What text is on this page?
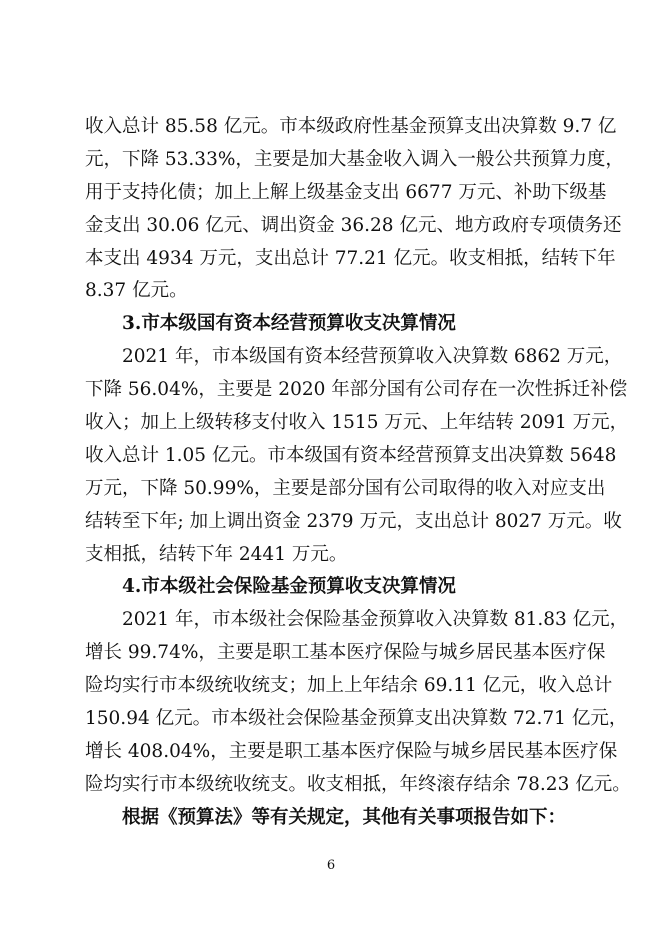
收入总计 85.58 亿元。市本级政府性基金预算支出决算数 9.7 亿
元，下降 53.33%，主要是加大基金收入调入一般公共预算力度，
用于支持化债；加上上解上级基金支出 6677 万元、补助下级基
金支出 30.06 亿元、调出资金 36.28 亿元、地方政府专项债务还
本支出 4934 万元，支出总计 77.21 亿元。收支相抵，结转下年
8.37 亿元。
3.市本级国有资本经营预算收支决算情况
2021 年，市本级国有资本经营预算收入决算数 6862 万元，
下降 56.04%，主要是 2020 年部分国有公司存在一次性拆迁补偿
收入；加上上级转移支付收入 1515 万元、上年结转 2091 万元，
收入总计 1.05 亿元。市本级国有资本经营预算支出决算数 5648
万元，下降 50.99%，主要是部分国有公司取得的收入对应支出
结转至下年; 加上调出资金 2379 万元，支出总计 8027 万元。收
支相抵，结转下年 2441 万元。
4.市本级社会保险基金预算收支决算情况
2021 年，市本级社会保险基金预算收入决算数 81.83 亿元，
增长 99.74%，主要是职工基本医疗保险与城乡居民基本医疗保
险均实行市本级统收统支；加上上年结余 69.11 亿元，收入总计
150.94 亿元。市本级社会保险基金预算支出决算数 72.71 亿元，
增长 408.04%，主要是职工基本医疗保险与城乡居民基本医疗保
险均实行市本级统收统支。收支相抵，年终滚存结余 78.23 亿元。
根据《预算法》等有关规定，其他有关事项报告如下：
6
